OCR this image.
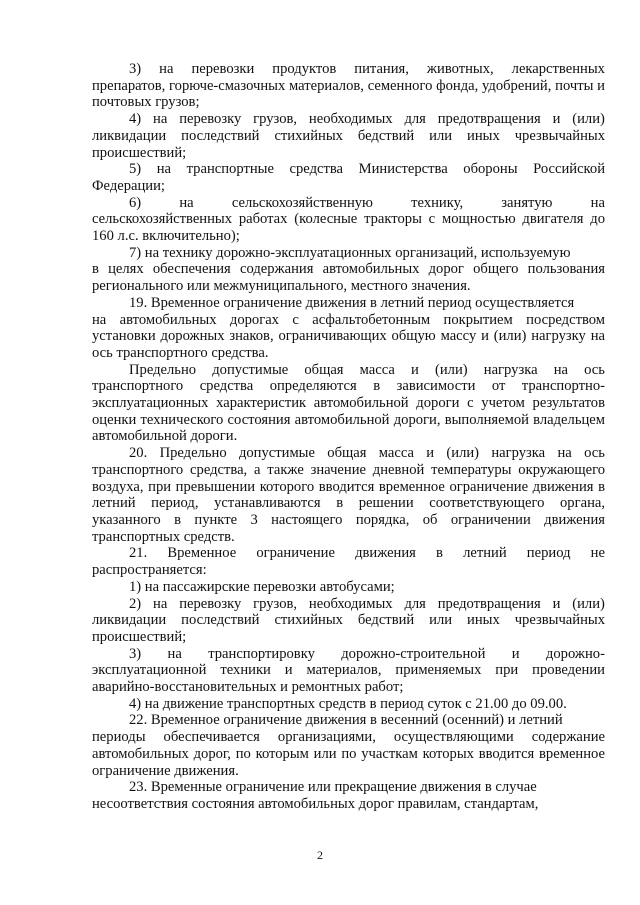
3) на перевозки продуктов питания, животных, лекарственных
препаратов, горюче-смазочных материалов, семенного фонда, удобрений, почты и почтовых грузов;
4) на перевозку грузов, необходимых для предотвращения и (или)
ликвидации последствий стихийных бедствий или иных чрезвычайных происшествий;
5) на транспортные средства Министерства обороны Российской
Федерации;
6)	на	сельскохозяйственную	технику,	занятую	на
сельскохозяйственных работах (колесные тракторы с мощностью двигателя до 160 л.с. включительно);
7) на технику дорожно-эксплуатационных организаций, используемую
в целях обеспечения содержания автомобильных дорог общего пользования регионального или межмуниципального, местного значения.
19. Временное ограничение движения в летний период осуществляется
на автомобильных дорогах с асфальтобетонным покрытием посредством установки дорожных знаков, ограничивающих общую массу и (или) нагрузку на ось транспортного средства.
Предельно допустимые общая масса и (или) нагрузка на ось
транспортного средства определяются в зависимости от транспортно-эксплуатационных характеристик автомобильной дороги с учетом результатов оценки технического состояния автомобильной дороги, выполняемой владельцем автомобильной дороги.
20. Предельно допустимые общая масса и (или) нагрузка на ось
транспортного средства, а также значение дневной температуры окружающего воздуха, при превышении которого вводится временное ограничение движения в летний период, устанавливаются в решении соответствующего органа, указанного в пункте 3 настоящего порядка, об ограничении движения транспортных средств.
21. Временное ограничение движения в летний период не
распространяется:
1) на пассажирские перевозки автобусами;
2) на перевозку грузов, необходимых для предотвращения и (или)
ликвидации последствий стихийных бедствий или иных чрезвычайных происшествий;
3) на транспортировку дорожно-строительной и дорожно-
эксплуатационной техники и материалов, применяемых при проведении аварийно-восстановительных и ремонтных работ;
4) на движение транспортных средств в период суток с 21.00 до 09.00.
22. Временное ограничение движения в весенний (осенний) и летний
периоды обеспечивается организациями, осуществляющими содержание автомобильных дорог, по которым или по участкам которых вводится временное ограничение движения.
23. Временные ограничение или прекращение движения в случае
несоответствия состояния автомобильных дорог правилам, стандартам,
2
